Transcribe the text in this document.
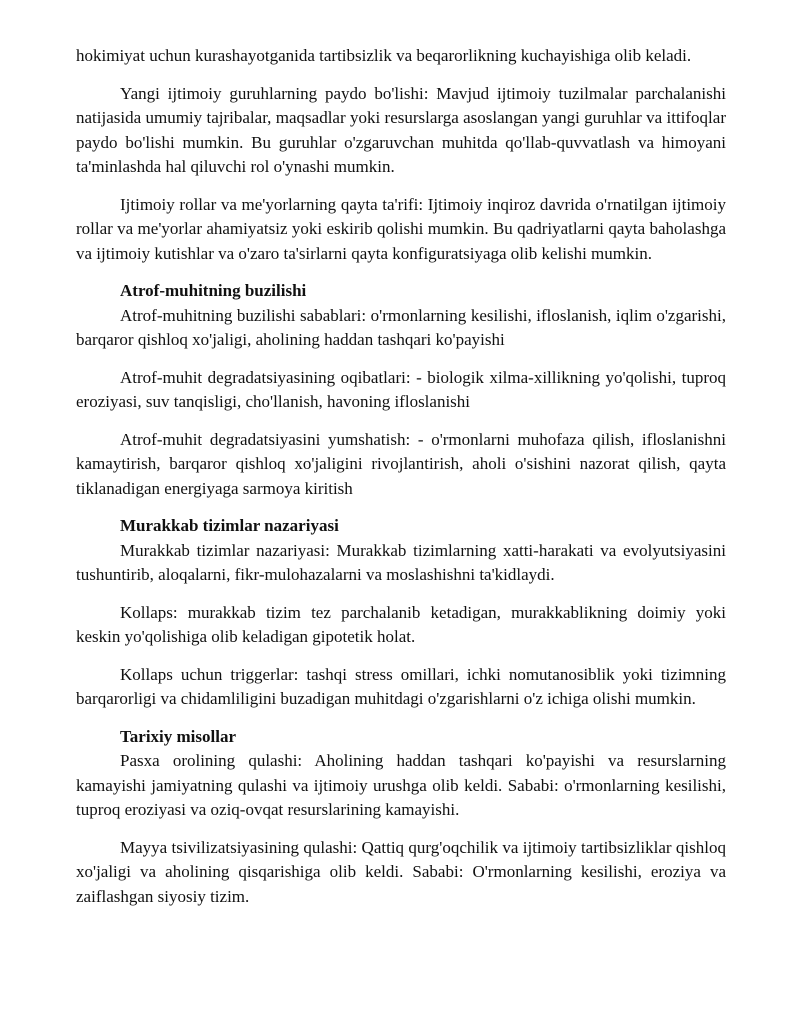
hokimiyat uchun kurashayotganida tartibsizlik va beqarorlikning kuchayishiga olib keladi.

Yangi ijtimoiy guruhlarning paydo bo'lishi: Mavjud ijtimoiy tuzilmalar parchalanishi natijasida umumiy tajribalar, maqsadlar yoki resurslarga asoslangan yangi guruhlar va ittifoqlar paydo bo'lishi mumkin. Bu guruhlar o'zgaruvchan muhitda qo'llab-quvvatlash va himoyani ta'minlashda hal qiluvchi rol o'ynashi mumkin.

Ijtimoiy rollar va me'yorlarning qayta ta'rifi: Ijtimoiy inqiroz davrida o'rnatilgan ijtimoiy rollar va me'yorlar ahamiyatsiz yoki eskirib qolishi mumkin. Bu qadriyatlarni qayta baholashga va ijtimoiy kutishlar va o'zaro ta'sirlarni qayta konfiguratsiyaga olib kelishi mumkin.

Atrof-muhitning buzilishi

Atrof-muhitning buzilishi sabablari: o'rmonlarning kesilishi, ifloslanish, iqlim o'zgarishi, barqaror qishloq xo'jaligi, aholining haddan tashqari ko'payishi

Atrof-muhit degradatsiyasining oqibatlari: - biologik xilma-xillikning yo'qolishi, tuproq eroziyasi, suv tanqisligi, cho'llanish, havoning ifloslanishi

Atrof-muhit degradatsiyasini yumshatish: - o'rmonlarni muhofaza qilish, ifloslanishni kamaytirish, barqaror qishloq xo'jaligini rivojlantirish, aholi o'sishini nazorat qilish, qayta tiklanadigan energiyaga sarmoya kiritish

Murakkab tizimlar nazariyasi

Murakkab tizimlar nazariyasi: Murakkab tizimlarning xatti-harakati va evolyutsiyasini tushuntirib, aloqalarni, fikr-mulohazalarni va moslashishni ta'kidlaydi.

Kollaps: murakkab tizim tez parchalanib ketadigan, murakkablikning doimiy yoki keskin yo'qolishiga olib keladigan gipotetik holat.

Kollaps uchun triggerlar: tashqi stress omillari, ichki nomutanosiblik yoki tizimning barqarorligi va chidamliligini buzadigan muhitdagi o'zgarishlarni o'z ichiga olishi mumkin.

Tarixiy misollar

Pasxa orolining qulashi: Aholining haddan tashqari ko'payishi va resurslarning kamayishi jamiyatning qulashi va ijtimoiy urushga olib keldi. Sababi: o'rmonlarning kesilishi, tuproq eroziyasi va oziq-ovqat resurslarining kamayishi.

Mayya tsivilizatsiyasining qulashi: Qattiq qurg'oqchilik va ijtimoiy tartibsizliklar qishloq xo'jaligi va aholining qisqarishiga olib keldi. Sababi: O'rmonlarning kesilishi, eroziya va zaiflashgan siyosiy tizim.
